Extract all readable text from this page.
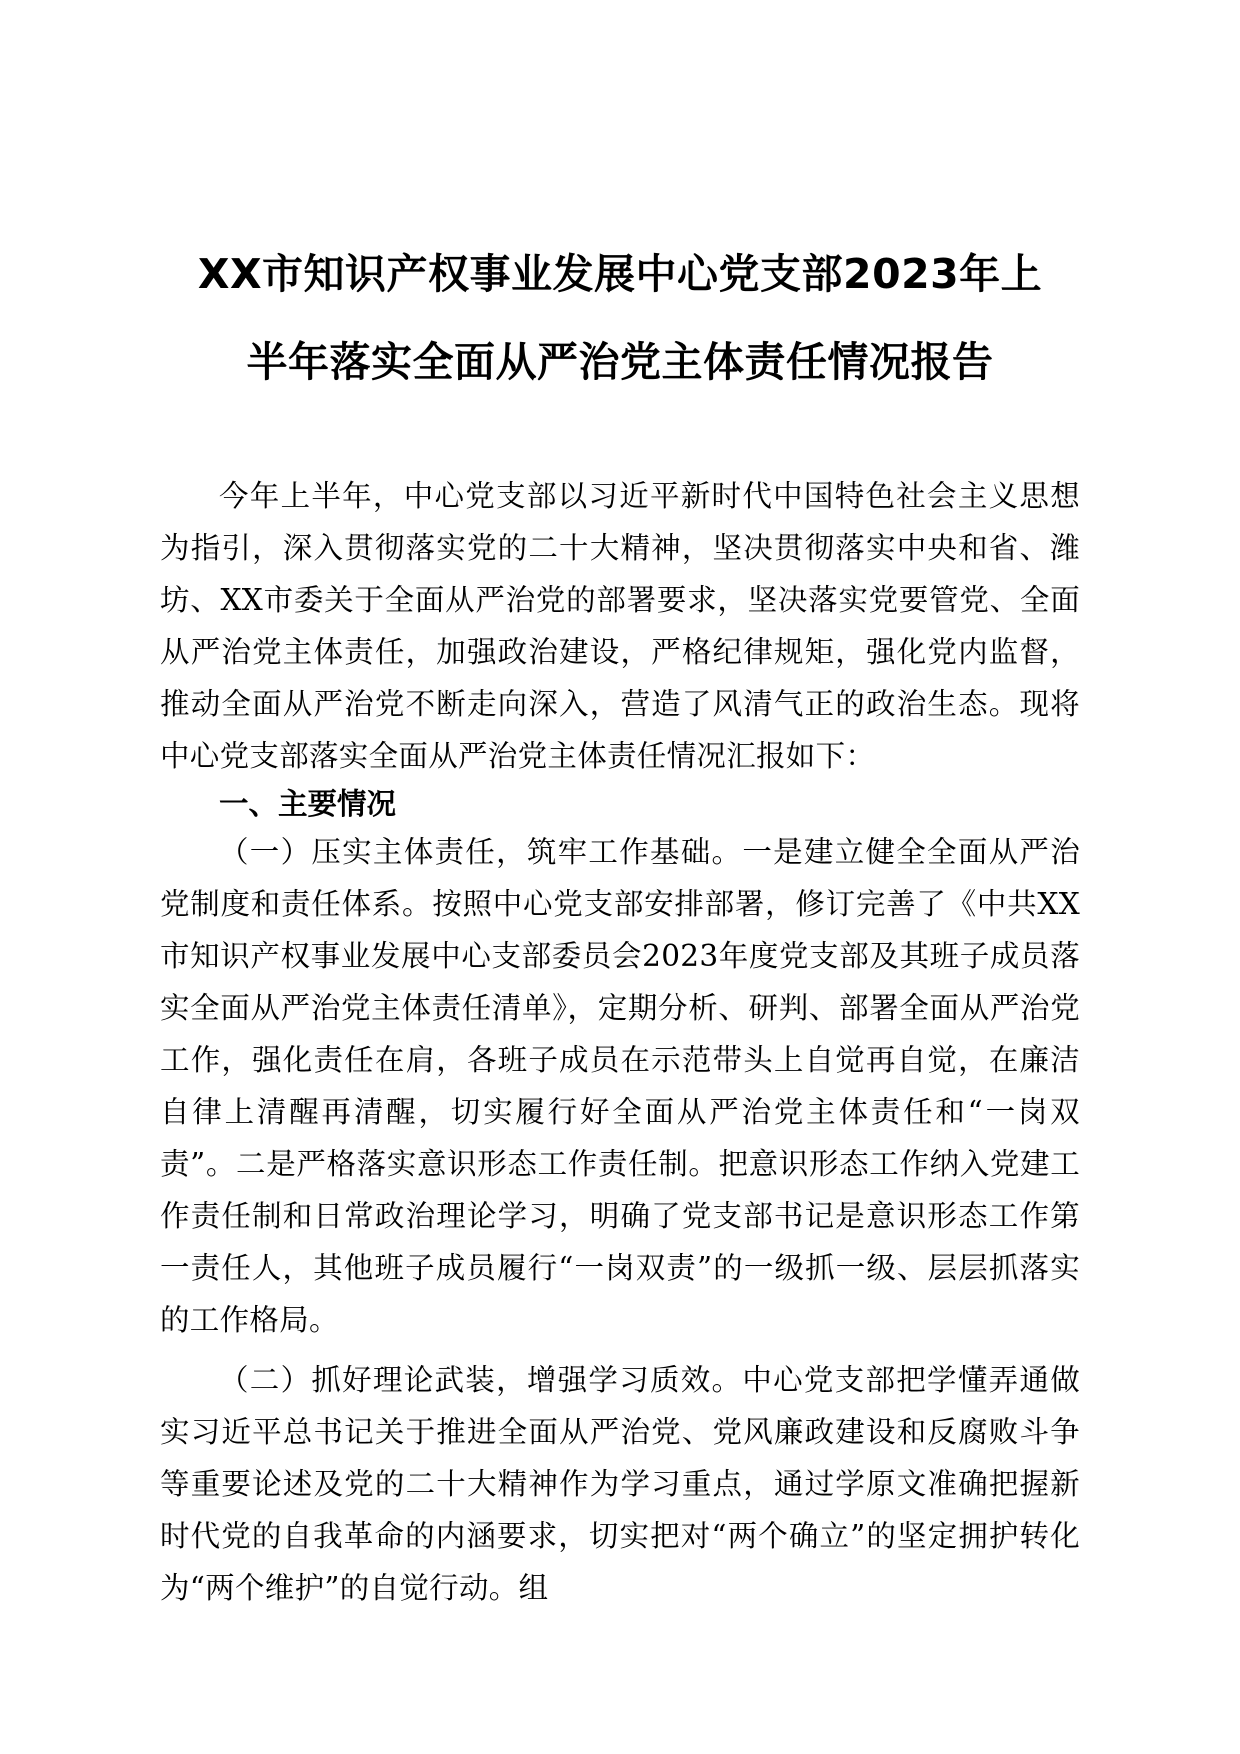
XX市知识产权事业发展中心党支部2023年上
半年落实全面从严治党主体责任情况报告

今年上半年，中心党支部以习近平新时代中国特色社会主义思想为指引，深入贯彻落实党的二十大精神，坚决贯彻落实中央和省、潍坊、XX市委关于全面从严治党的部署要求，坚决落实党要管党、全面从严治党主体责任，加强政治建设，严格纪律规矩，强化党内监督，推动全面从严治党不断走向深入，营造了风清气正的政治生态。现将中心党支部落实全面从严治党主体责任情况汇报如下：

一、主要情况

（一）压实主体责任，筑牢工作基础。一是建立健全全面从严治党制度和责任体系。按照中心党支部安排部署，修订完善了《中共XX市知识产权事业发展中心支部委员会2023年度党支部及其班子成员落实全面从严治党主体责任清单》，定期分析、研判、部署全面从严治党工作，强化责任在肩，各班子成员在示范带头上自觉再自觉，在廉洁自律上清醒再清醒，切实履行好全面从严治党主体责任和“一岗双责”。二是严格落实意识形态工作责任制。把意识形态工作纳入党建工作责任制和日常政治理论学习，明确了党支部书记是意识形态工作第一责任人，其他班子成员履行“一岗双责”的一级抓一级、层层抓落实的工作格局。

（二）抓好理论武装，增强学习质效。中心党支部把学懂弄通做实习近平总书记关于推进全面从严治党、党风廉政建设和反腐败斗争等重要论述及党的二十大精神作为学习重点，通过学原文准确把握新时代党的自我革命的内涵要求，切实把对“两个确立”的坚定拥护转化为“两个维护”的自觉行动。组
